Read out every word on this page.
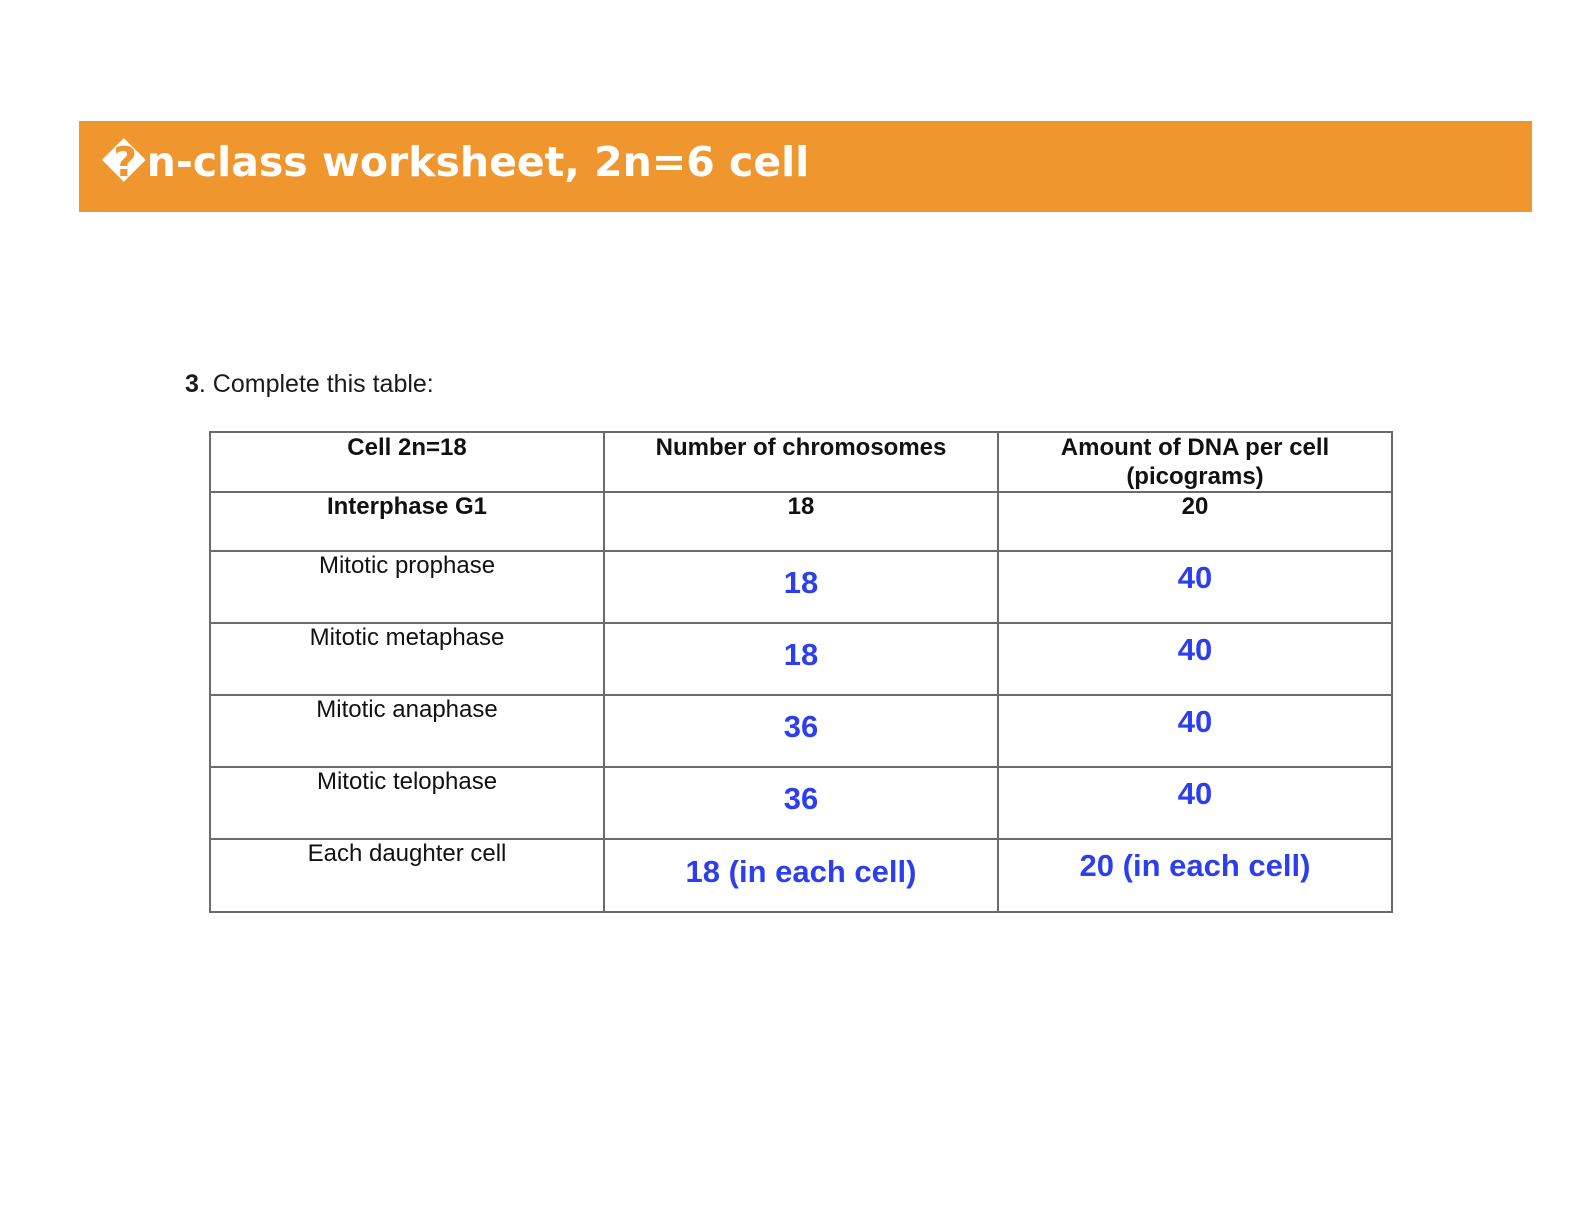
�n-class worksheet, 2n=6 cell
3. Complete this table:
Cell 2n=18	Number of chromosomes	Amount of DNA per cell
(picograms)
Interphase G1	18	20
Mitotic prophase	18	40
Mitotic metaphase	18	40
Mitotic anaphase	36	40
Mitotic telophase	36	40
Each daughter cell	18 (in each cell)	20 (in each cell)
